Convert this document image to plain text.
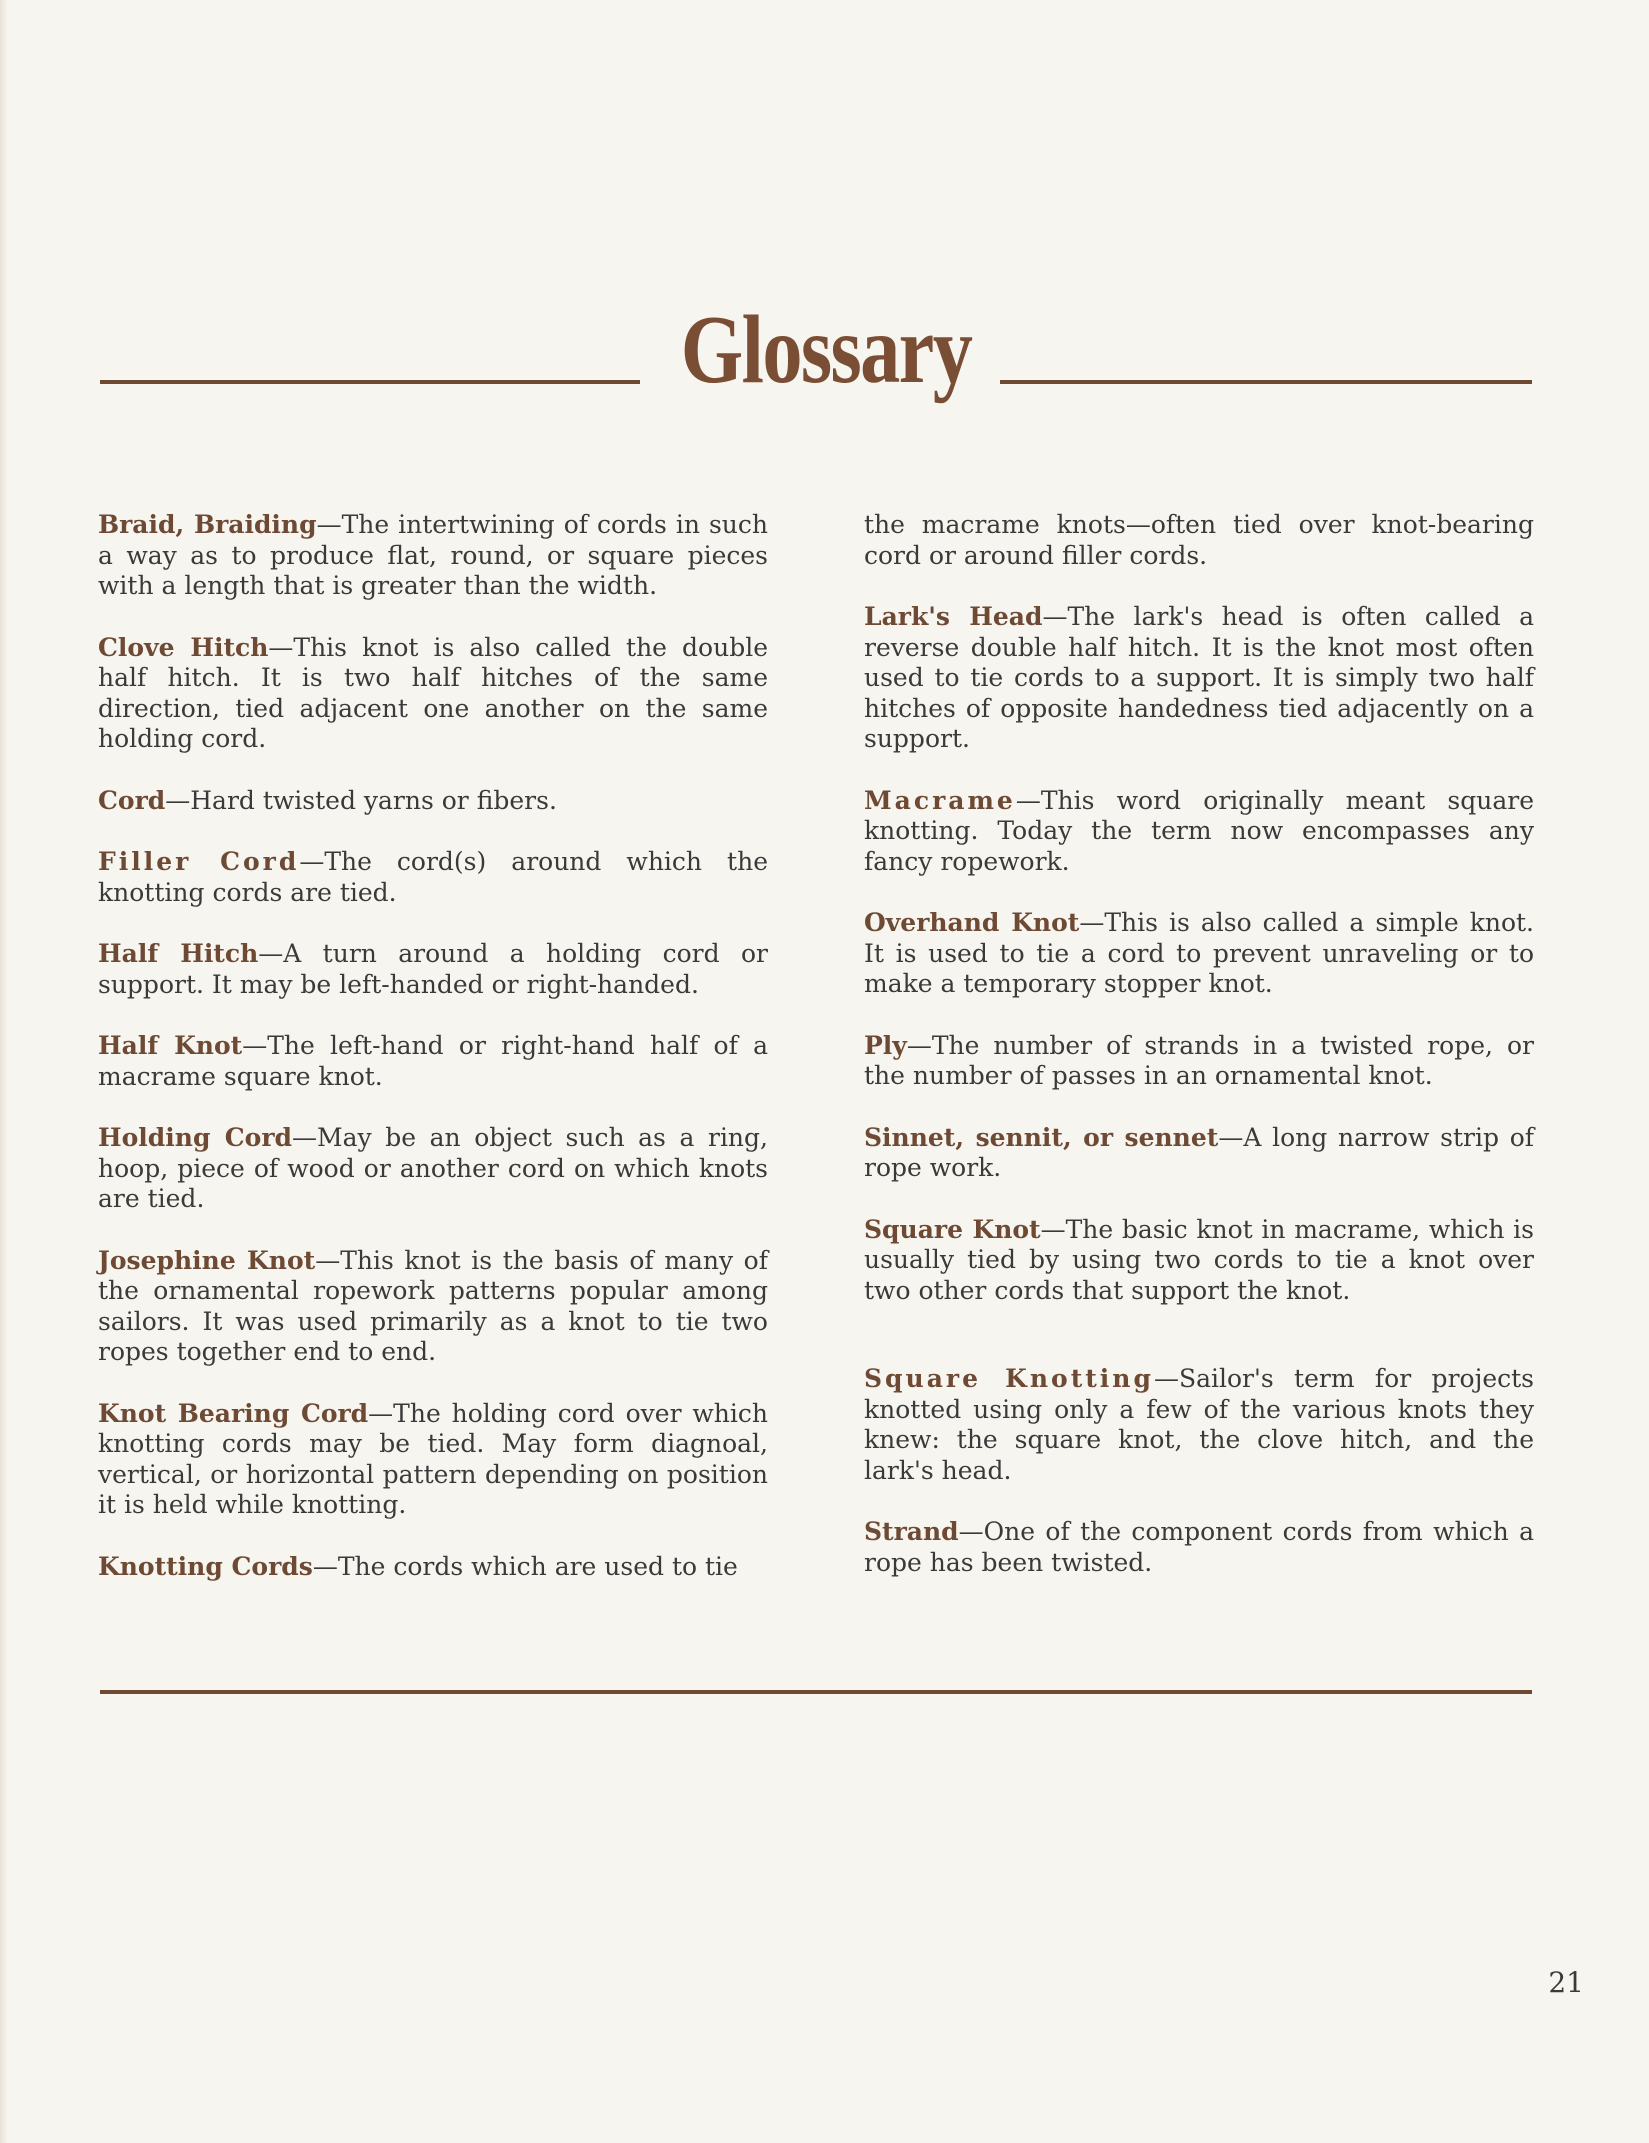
Glossary

Braid, Braiding—The intertwining of cords in such a way as to produce flat, round, or square pieces with a length that is greater than the width.

Clove Hitch—This knot is also called the double half hitch. It is two half hitches of the same direction, tied adjacent one another on the same holding cord.

Cord—Hard twisted yarns or fibers.

Filler Cord—The cord(s) around which the knotting cords are tied.

Half Hitch—A turn around a holding cord or support. It may be left-handed or right-handed.

Half Knot—The left-hand or right-hand half of a macrame square knot.

Holding Cord—May be an object such as a ring, hoop, piece of wood or another cord on which knots are tied.

Josephine Knot—This knot is the basis of many of the ornamental ropework patterns popular among sailors. It was used primarily as a knot to tie two ropes together end to end.

Knot Bearing Cord—The holding cord over which knotting cords may be tied. May form diagnoal, vertical, or horizontal pattern depending on position it is held while knotting.

Knotting Cords—The cords which are used to tie

the macrame knots—often tied over knot-bearing cord or around filler cords.

Lark's Head—The lark's head is often called a reverse double half hitch. It is the knot most often used to tie cords to a support. It is simply two half hitches of opposite handedness tied adjacently on a support.

Macrame—This word originally meant square knotting. Today the term now encompasses any fancy ropework.

Overhand Knot—This is also called a simple knot. It is used to tie a cord to prevent unraveling or to make a temporary stopper knot.

Ply—The number of strands in a twisted rope, or the number of passes in an ornamental knot.

Sinnet, sennit, or sennet—A long narrow strip of rope work.

Square Knot—The basic knot in macrame, which is usually tied by using two cords to tie a knot over two other cords that support the knot.

Square Knotting—Sailor's term for projects knotted using only a few of the various knots they knew: the square knot, the clove hitch, and the lark's head.

Strand—One of the component cords from which a rope has been twisted.

21
